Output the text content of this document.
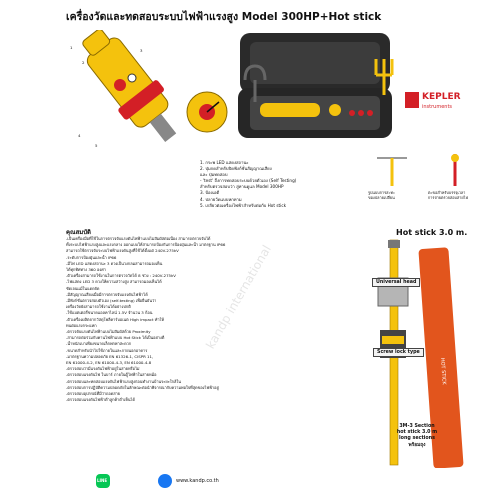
เครื่องวัดและทดสอบระบบไฟฟ้าแรงสูง Model 300HP+Hot stick
1
2
3
4
5
KEPLER
instruments
1. กระพ LED แสดงสถานะ
2. ปุ่มกดสำหรับปิดฟังก์ชั่นสัญญาณเสียง
และ ปุ่มทดสอบ
- 'test' ถึงการทดสอบระบบด้วยตัวเอง (Self Testing)
สำหรับตรวจสอบว่า ลู่ทานดูแล Model 300HP
3. ป้องเอดี
4. ปลายวัดแบบหกทาม
5. เกลียวต่อเครื่องไฟฟ้าสำหรับต่อกับ Hot stick
รูปแบบการสะทะ
ของปลายเปลี่ยน
ตะขอสำหรับบรรจุเวลา
การจ่ายตรวจสอบสายไฟ
คุณสมบัติ
-เป็นเครื่องมือที่ใช้ในการตรวจจับแรงดันไฟฟ้าแบบไม่สัมผัสต่อเนื่อง สามารถตรวจจับได้
ทั้งระบบไฟฟ้าแรงสูงและแรงกลาง ออกแบบให้สามารถป้องกันการป้องฝุ่นและน้ำ มาตรฐาน IP66
สามารถใช้ตรวจจับระบบไฟฟ้าแรงดันสูงที่ใช้ได้ตั้งแต่ 240V-275kV
-ระดับการป้องฝุ่นและน้ำ IP66
-มีไฟ LED แสดงสถานะ 3 ดวงเป็นวงกลมสามารถมองเห็น
ได้ทุกทิศทาง 360 องศา
-ตัวเครื่องสามารถใช้งานในการตรวจวัดได้ 8 ช่วง : 240V-275kV
-ไฟแสดง LED 3 ดวงให้ความสว่างสูง สามารถมองเห็นได้
ชัดเจนแม้ในแดดจัด
-มีสัญญาณเสียงเมื่อมีการตรวจจับแรงดันไฟฟ้าได้
-มีฟังก์ชั่นตรวจสอบตัวเอง (self-testing) เพื่อยืนยันว่า
เครื่องวัดยังสามารถใช้งานได้อย่างปกติ
-ใช้แบตเตอรี่ขนาดแอลคาไลน์ 1.5V จำนวน 3 ก้อน
-ตัวเครื่องผลิตจากวัสดุโพลีคาร์บอเนต High impact ทำให้
ทนต่อแรงกระแทก
-ตรวจจับแรงดันไฟฟ้าแบบไม่สัมผัสด้วย Proximity
-สามารถต่อร่วมกับคานไฟฟ้าแบบ Hot Stick ได้เป็นอย่างดี
-น้ำหนักเบาเพียงขนาดเล็กพกพาสะดวก
-ขนาดสำหรับนำไปใช้ภายในและภายนอกอาคาร
-มาตรฐานความปลอดภัย EN 61326-1, CISPR 11,
EN 61000-4-2, EN 61000-4-3, EN 61000-4-8
-ตรวจสอบว่ามีแรงดันไฟฟ้าอยู่ในสายหรือไม่
-ตรวจสอบแรงดันไฟ ในบาร์ ภายในตู้ไฟฟ้าในสายหม้อ
-ตรวจสอบและทดสอบแรงดันไฟฟ้าแรงสูงก่อนทำงานบ้านระยะใกล้ใน
-ตรวจสอบการปฏิบัติความปลอดภัยในลักษณะต่อนำพิจารณากับความพอใจที่สุดของไฟฟ้าอยู่
-ตรวจสอบอุปกรณ์ที่มีว่าถอดสาย
-ตรวจสอบแรงดันไฟฟ้าต่ำลูกค้าต่ำเห็นได้
kandp international
Hot stick 3.0 m.
HOT STICK
Universal head
Screw lock type
3M-3 Section
hot stick 3.0 m
long sections
พร้อมถุง
LINE	www.kandp.co.th
